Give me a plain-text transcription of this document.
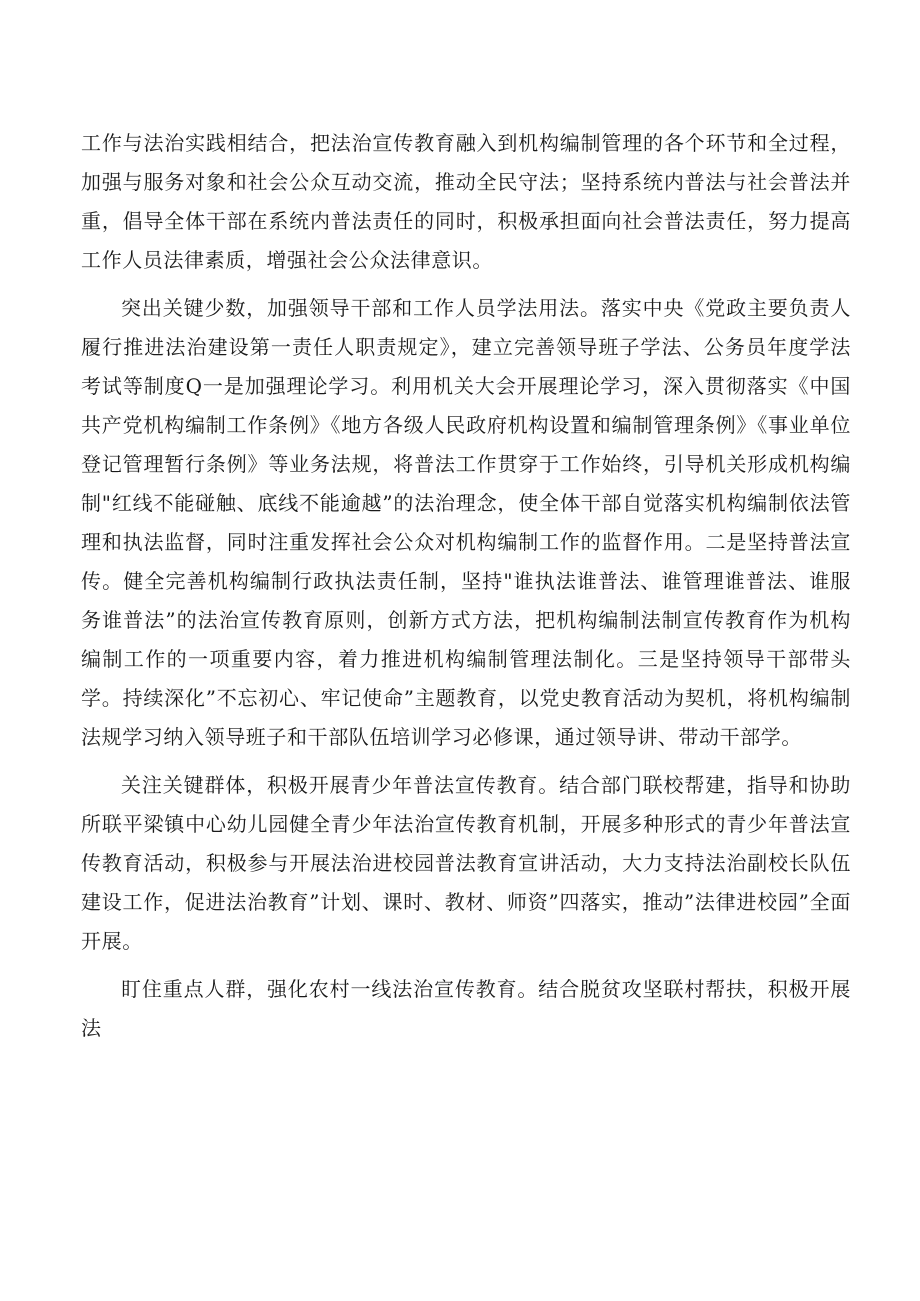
工作与法治实践相结合，把法治宣传教育融入到机构编制管理的各个环节和全过程，加强与服务对象和社会公众互动交流，推动全民守法；坚持系统内普法与社会普法并重，倡导全体干部在系统内普法责任的同时，积极承担面向社会普法责任，努力提高工作人员法律素质，增强社会公众法律意识。

突出关键少数，加强领导干部和工作人员学法用法。落实中央《党政主要负责人履行推进法治建设第一责任人职责规定》，建立完善领导班子学法、公务员年度学法考试等制度Q一是加强理论学习。利用机关大会开展理论学习，深入贯彻落实《中国共产党机构编制工作条例》《地方各级人民政府机构设置和编制管理条例》《事业单位登记管理暂行条例》等业务法规，将普法工作贯穿于工作始终，引导机关形成机构编制"红线不能碰触、底线不能逾越”的法治理念，使全体干部自觉落实机构编制依法管理和执法监督，同时注重发挥社会公众对机构编制工作的监督作用。二是坚持普法宣传。健全完善机构编制行政执法责任制，坚持"谁执法谁普法、谁管理谁普法、谁服务谁普法”的法治宣传教育原则，创新方式方法，把机构编制法制宣传教育作为机构编制工作的一项重要内容，着力推进机构编制管理法制化。三是坚持领导干部带头学。持续深化”不忘初心、牢记使命”主题教育，以党史教育活动为契机，将机构编制法规学习纳入领导班子和干部队伍培训学习必修课，通过领导讲、带动干部学。

关注关键群体，积极开展青少年普法宣传教育。结合部门联校帮建，指导和协助所联平梁镇中心幼儿园健全青少年法治宣传教育机制，开展多种形式的青少年普法宣传教育活动，积极参与开展法治进校园普法教育宣讲活动，大力支持法治副校长队伍建设工作，促进法治教育”计划、课时、教材、师资”四落实，推动”法律进校园”全面开展。

盯住重点人群，强化农村一线法治宣传教育。结合脱贫攻坚联村帮扶，积极开展法
